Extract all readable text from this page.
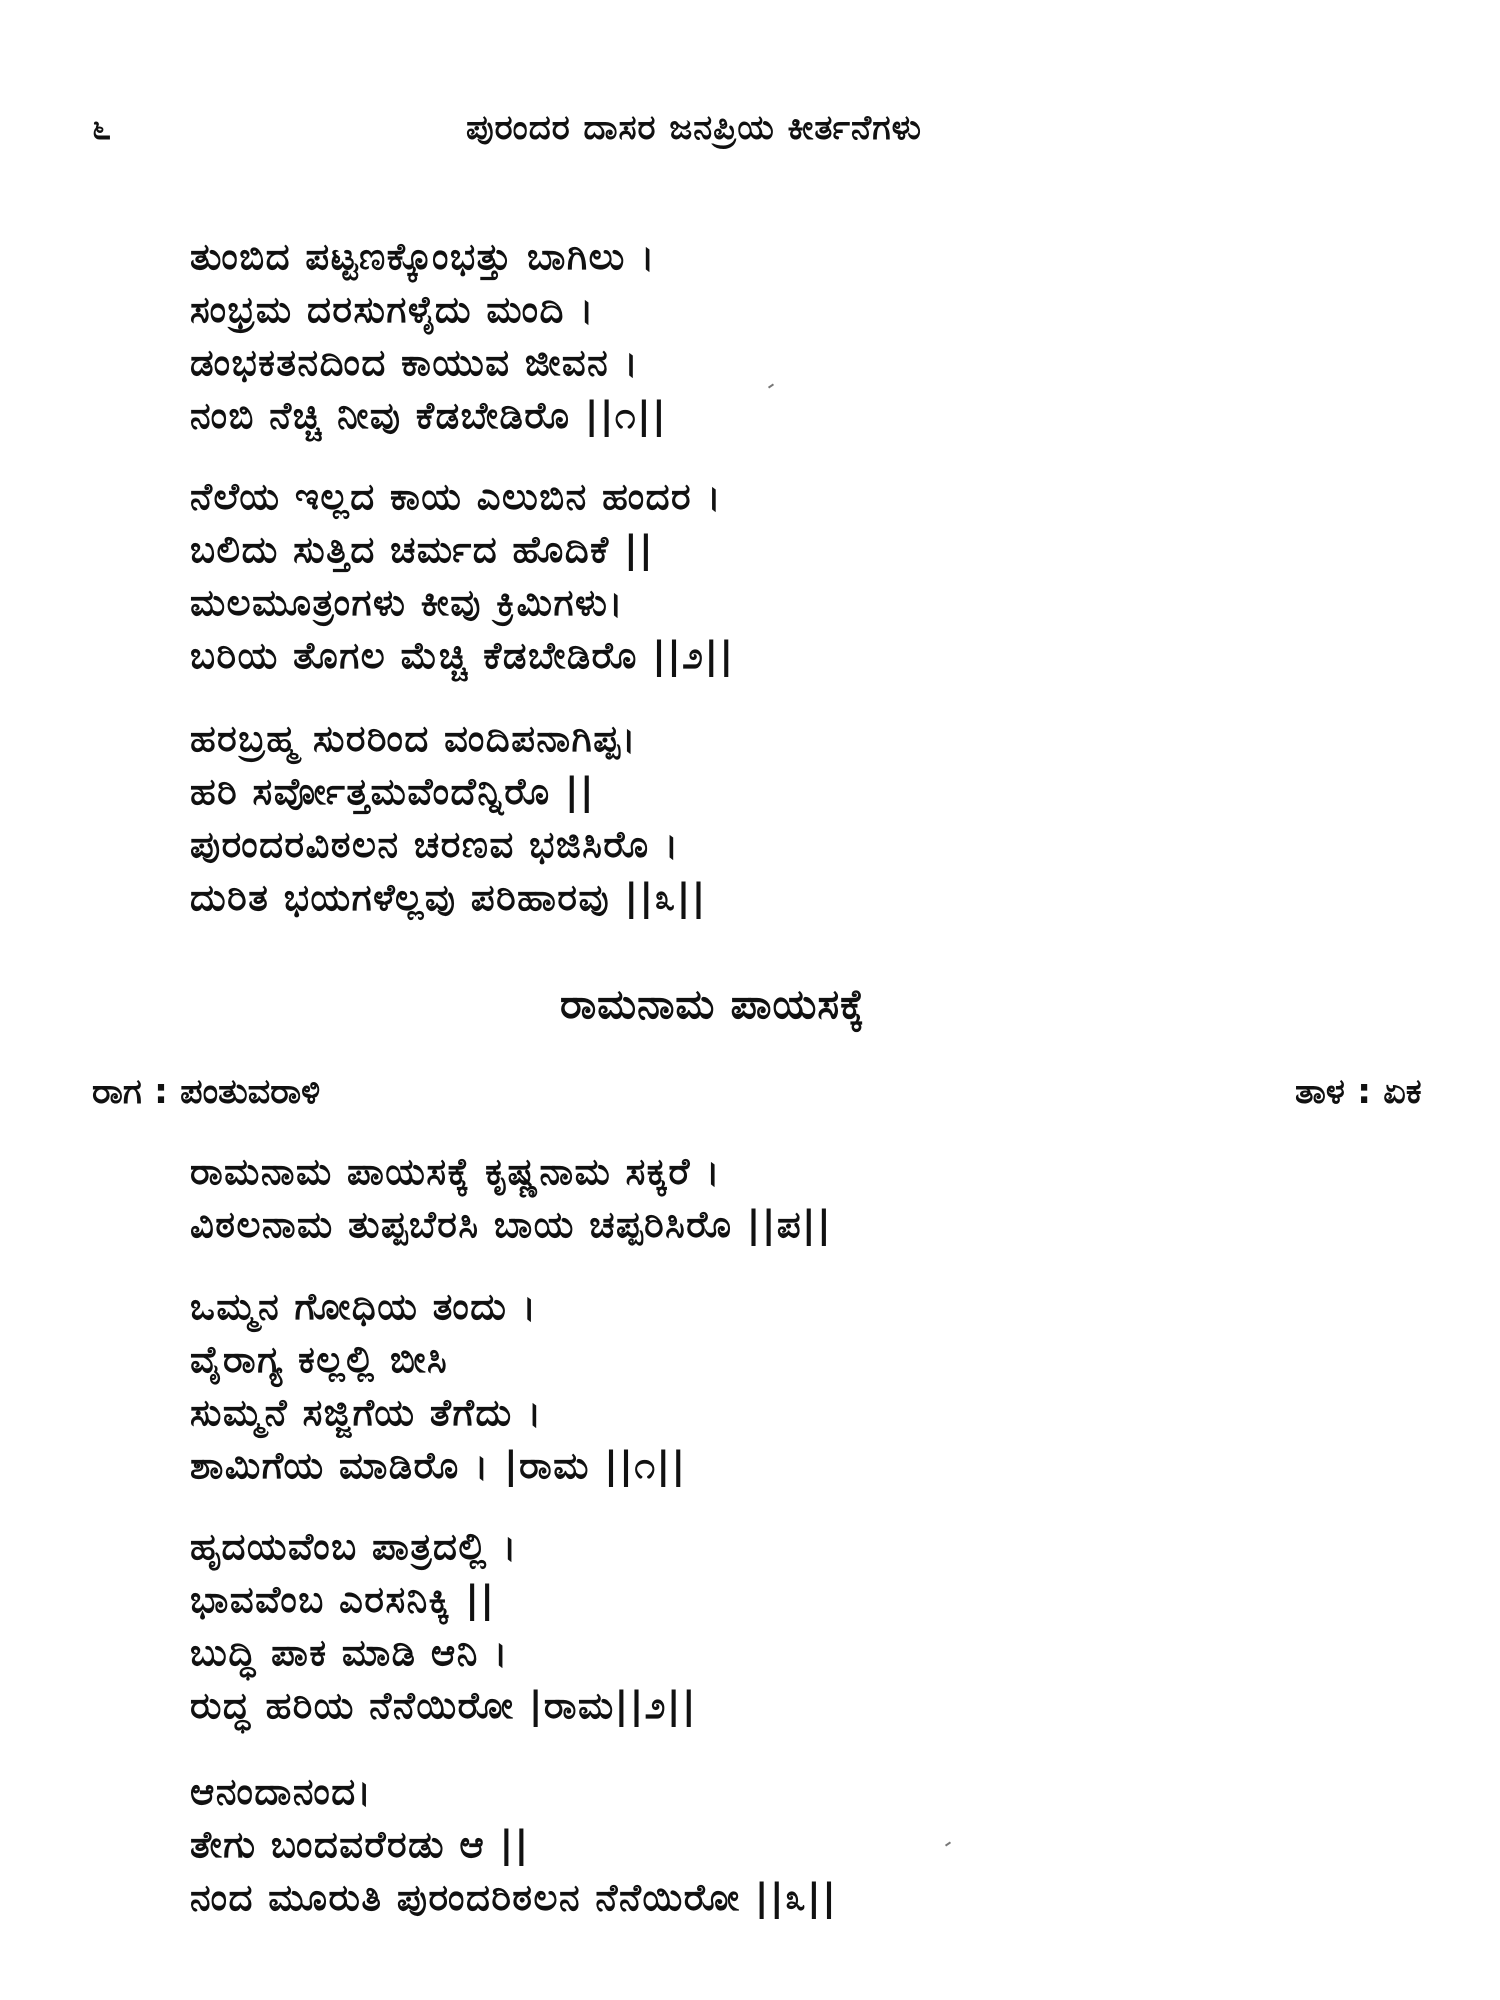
೬	ಪುರಂದರ ದಾಸರ ಜನಪ್ರಿಯ ಕೀರ್ತನೆಗಳು
ತುಂಬಿದ ಪಟ್ಟಣಕ್ಕೊಂಭತ್ತು ಬಾಗಿಲು ।
ಸಂಭ್ರಮ ದರಸುಗಳೈದು ಮಂದಿ ।
ಡಂಭಕತನದಿಂದ ಕಾಯುವ ಜೀವನ ।
ನಂಬಿ ನೆಚ್ಚಿ ನೀವು ಕೆಡಬೇಡಿರೊ ||೧||
ನೆಲೆಯ ಇಲ್ಲದ ಕಾಯ ಎಲುಬಿನ ಹಂದರ ।
ಬಲಿದು ಸುತ್ತಿದ ಚರ್ಮದ ಹೊದಿಕೆ ||
ಮಲಮೂತ್ರಂಗಳು ಕೀವು ಕ್ರಿಮಿಗಳು।
ಬರಿಯ ತೊಗಲ ಮೆಚ್ಚಿ ಕೆಡಬೇಡಿರೊ ||೨||
ಹರಬ್ರಹ್ಮ ಸುರರಿಂದ ವಂದಿಪನಾಗಿಪ್ಪ।
ಹರಿ ಸರ್ವೋತ್ತಮವೆಂದೆನ್ನಿರೊ ||
ಪುರಂದರವಿಠಲನ ಚರಣವ ಭಜಿಸಿರೊ ।
ದುರಿತ ಭಯಗಳೆಲ್ಲವು ಪರಿಹಾರವು ||೩||
ರಾಮನಾಮ ಪಾಯಸಕ್ಕೆ
ರಾಗ : ಪಂತುವರಾಳಿ	ತಾಳ : ಏಕ
ರಾಮನಾಮ ಪಾಯಸಕ್ಕೆ ಕೃಷ್ಣನಾಮ ಸಕ್ಕರೆ ।
ವಿಠಲನಾಮ ತುಪ್ಪಬೆರಸಿ ಬಾಯ ಚಪ್ಪರಿಸಿರೊ ||ಪ||
ಒಮ್ಮನ ಗೋಧಿಯ ತಂದು ।
ವೈರಾಗ್ಯ ಕಲ್ಲಲ್ಲಿ ಬೀಸಿ
ಸುಮ್ಮನೆ ಸಜ್ಜಿಗೆಯ ತೆಗೆದು ।
ಶಾಮಿಗೆಯ ಮಾಡಿರೊ । |ರಾಮ ||೧||
ಹೃದಯವೆಂಬ ಪಾತ್ರದಲ್ಲಿ ।
ಭಾವವೆಂಬ ಎರಸನಿಕ್ಕಿ ||
ಬುದ್ಧಿ ಪಾಕ ಮಾಡಿ ಆನಿ ।
ರುದ್ಧ ಹರಿಯ ನೆನೆಯಿರೋ |ರಾಮ||೨||
ಆನಂದಾನಂದ।
ತೇಗು ಬಂದವರೆರಡು ಆ ||
ನಂದ ಮೂರುತಿ ಪುರಂದರಿಠಲನ ನೆನೆಯಿರೋ ||೩||
